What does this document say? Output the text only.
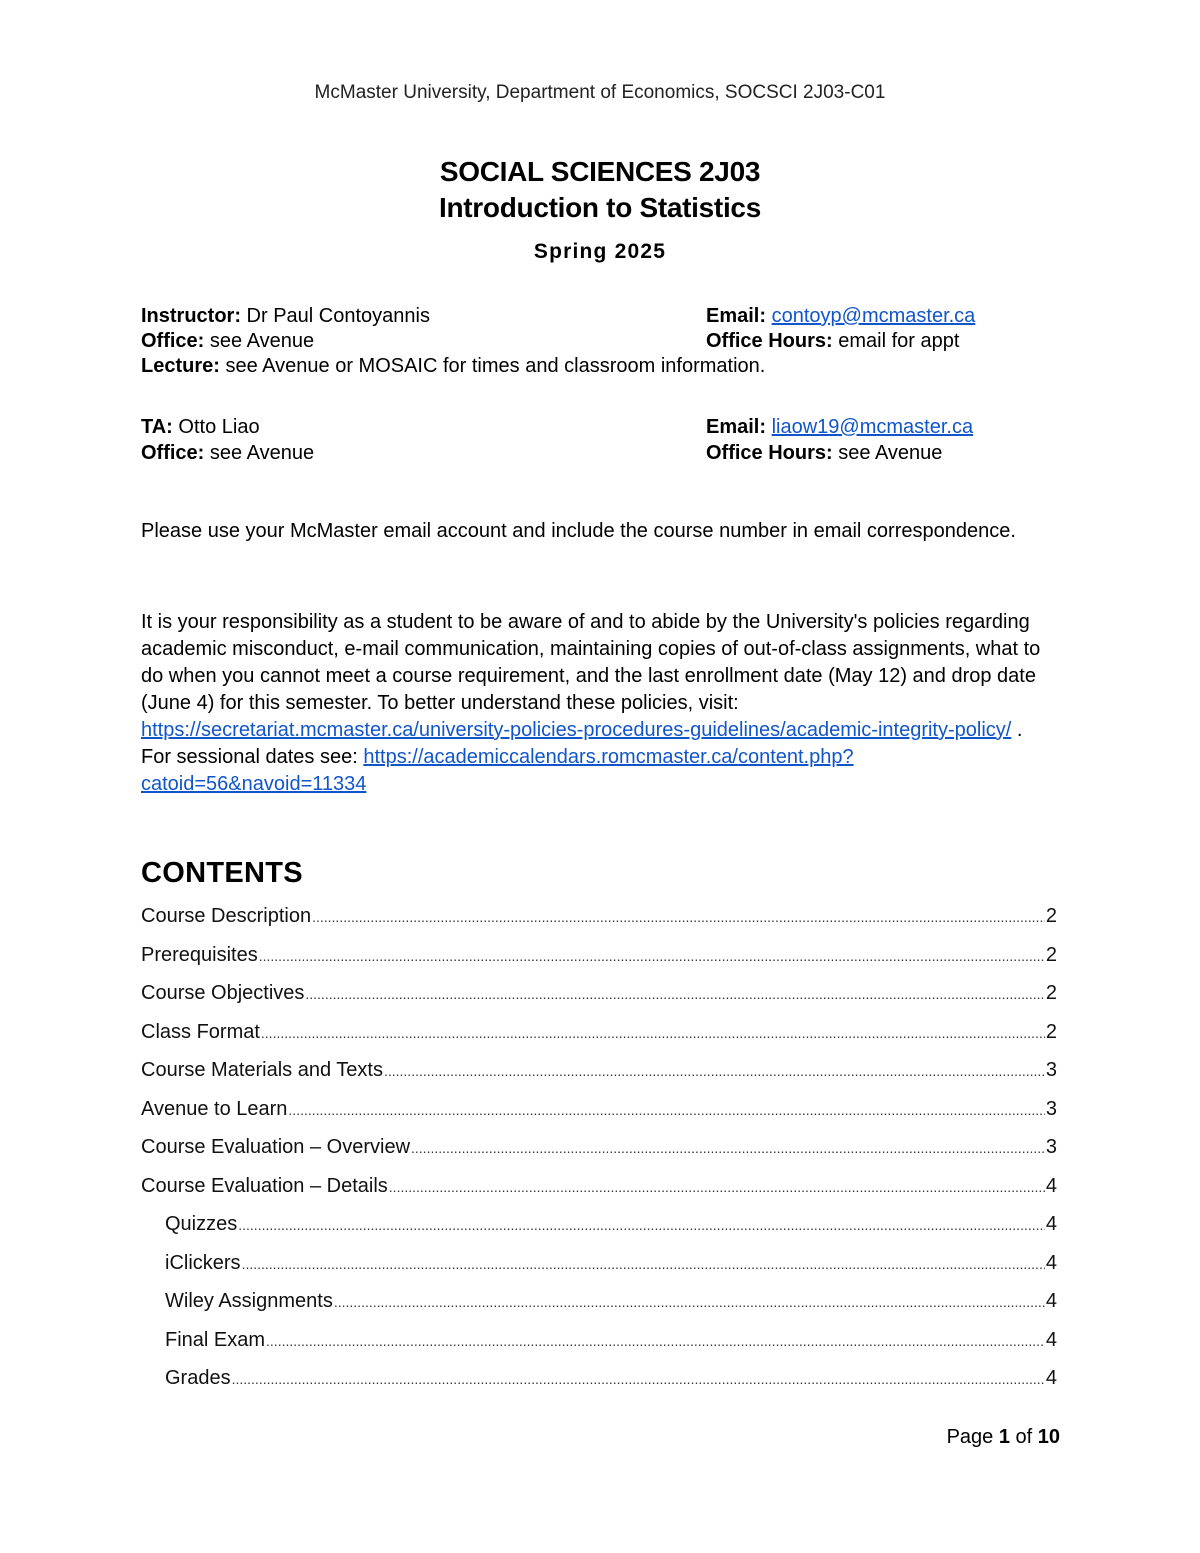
McMaster University, Department of Economics, SOCSCI 2J03-C01
SOCIAL SCIENCES 2J03
Introduction to Statistics
Spring 2025
Instructor: Dr Paul Contoyannis	Email: contoyp@mcmaster.ca
Office: see Avenue	Office Hours: email for appt
Lecture: see Avenue or MOSAIC for times and classroom information.
TA: Otto Liao	Email: liaow19@mcmaster.ca
Office: see Avenue	Office Hours: see Avenue

Please use your McMaster email account and include the course number in email correspondence.

It is your responsibility as a student to be aware of and to abide by the University's policies regarding academic misconduct, e-mail communication, maintaining copies of out-of-class assignments, what to do when you cannot meet a course requirement, and the last enrollment date (May 12) and drop date (June 4) for this semester. To better understand these policies, visit: https://secretariat.mcmaster.ca/university-policies-procedures-guidelines/academic-integrity-policy/ . For sessional dates see: https://academiccalendars.romcmaster.ca/content.php?catoid=56&navoid=11334

CONTENTS
Course Description .....	2
Prerequisites .....	2
Course Objectives .....	2
Class Format .....	2
Course Materials and Texts .....	3
Avenue to Learn .....	3
Course Evaluation – Overview .....	3
Course Evaluation – Details .....	4
Quizzes .....	4
iClickers .....	4
Wiley Assignments .....	4
Final Exam .....	4
Grades .....	4
Page 1 of 10
